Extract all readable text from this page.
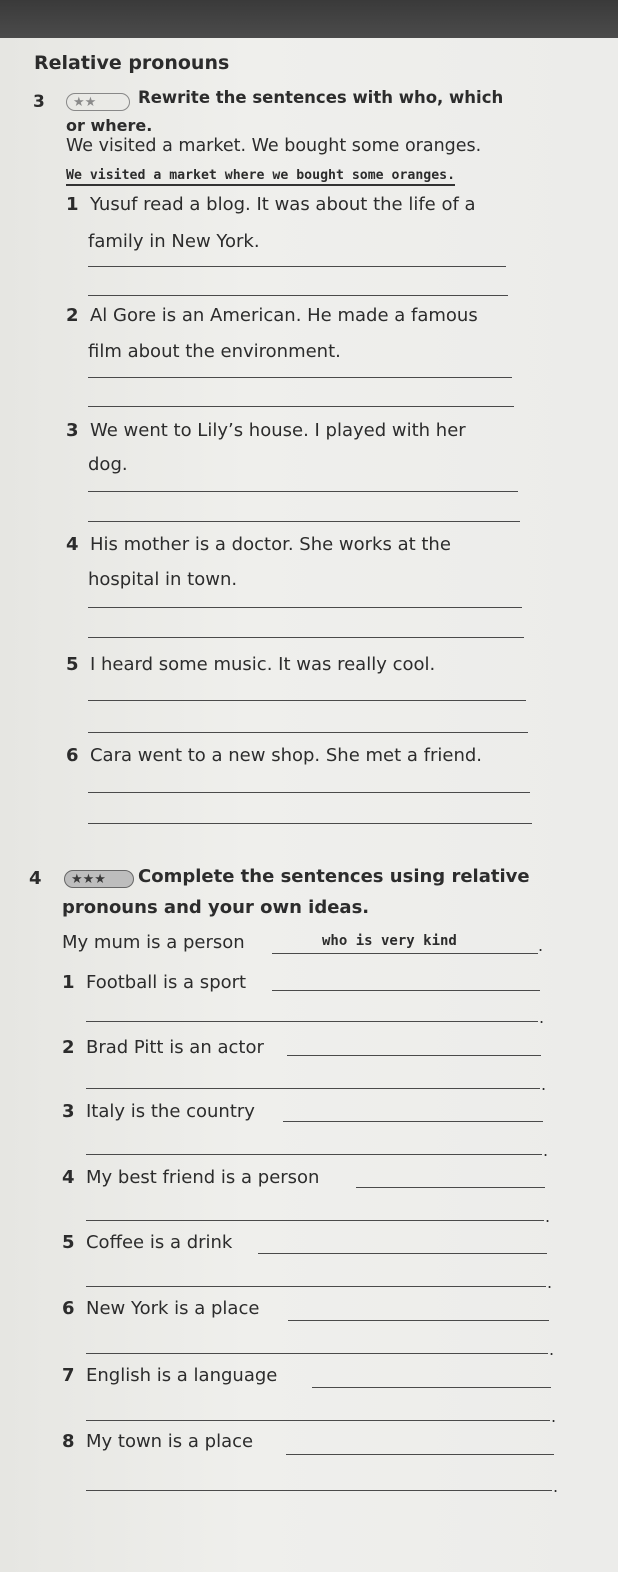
Relative pronouns
3	★★	Rewrite the sentences with who, which
or where.
We visited a market. We bought some oranges.
We visited a market where we bought some oranges.
1 Yusuf read a blog. It was about the life of a
family in New York.
2 Al Gore is an American. He made a famous
film about the environment.
3 We went to Lily’s house. I played with her
dog.
4 His mother is a doctor. She works at the
hospital in town.
5 I heard some music. It was really cool.
6 Cara went to a new shop. She met a friend.
4	★★★	Complete the sentences using relative
pronouns and your own ideas.
My mum is a person	who is very kind	.
1 Football is a sport
.
2 Brad Pitt is an actor
.
3 Italy is the country
.
4 My best friend is a person
.
5 Coffee is a drink
.
6 New York is a place
.
7 English is a language
.
8 My town is a place
.
